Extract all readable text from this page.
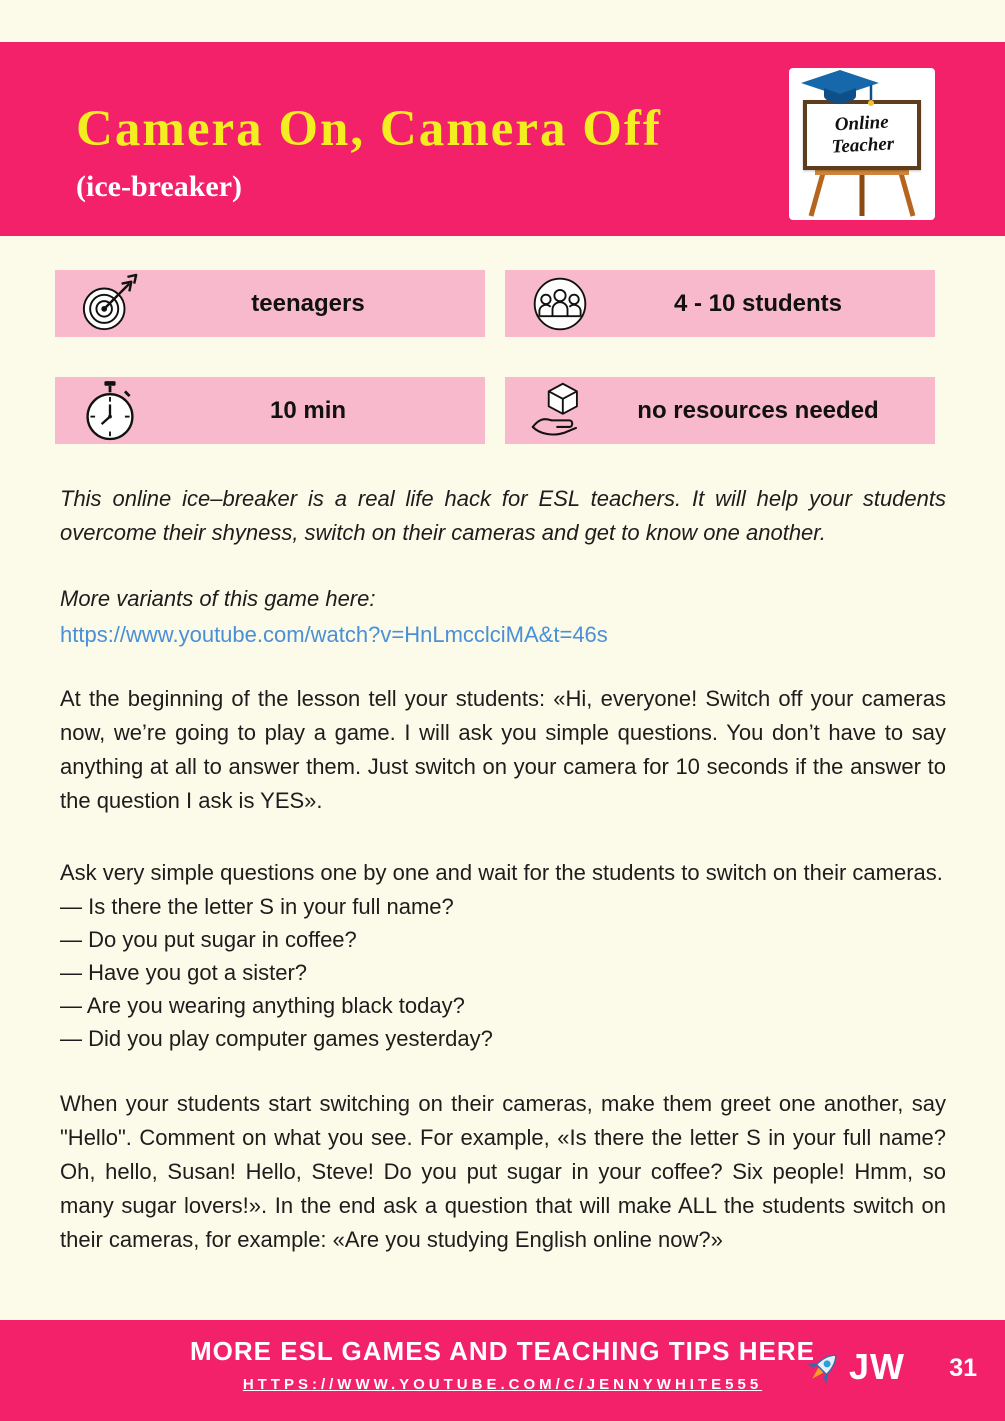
Camera On, Camera Off
(ice-breaker)
Online
Teacher
teenagers	4 - 10 students
10 min	no resources needed

This online ice–breaker is a real life hack for ESL teachers. It will help your students overcome their shyness, switch on their cameras and get to know one another.

More variants of this game here:

https://www.youtube.com/watch?v=HnLmcclciMA&t=46s

At the beginning of the lesson tell your students: «Hi, everyone! Switch off your cameras now, we’re going to play a game. I will ask you simple questions. You don’t have to say anything at all to answer them. Just switch on your camera for 10 seconds if the answer to the question I ask is YES».

Ask very simple questions one by one and wait for the students to switch on their cameras.

— Is there the letter S in your full name?
— Do you put sugar in coffee?
— Have you got a sister?
— Are you wearing anything black today?
— Did you play computer games yesterday?

When your students start switching on their cameras, make them greet one another, say "Hello". Comment on what you see. For example, «Is there the letter S in your full name? Oh, hello, Susan! Hello, Steve! Do you put sugar in your coffee? Six people! Hmm, so many sugar lovers!». In the end ask a question that will make ALL the students switch on their cameras, for example: «Are you studying English online now?»

MORE ESL GAMES AND TEACHING TIPS HERE
HTTPS://WWW.YOUTUBE.COM/C/JENNYWHITE555	JW 31
